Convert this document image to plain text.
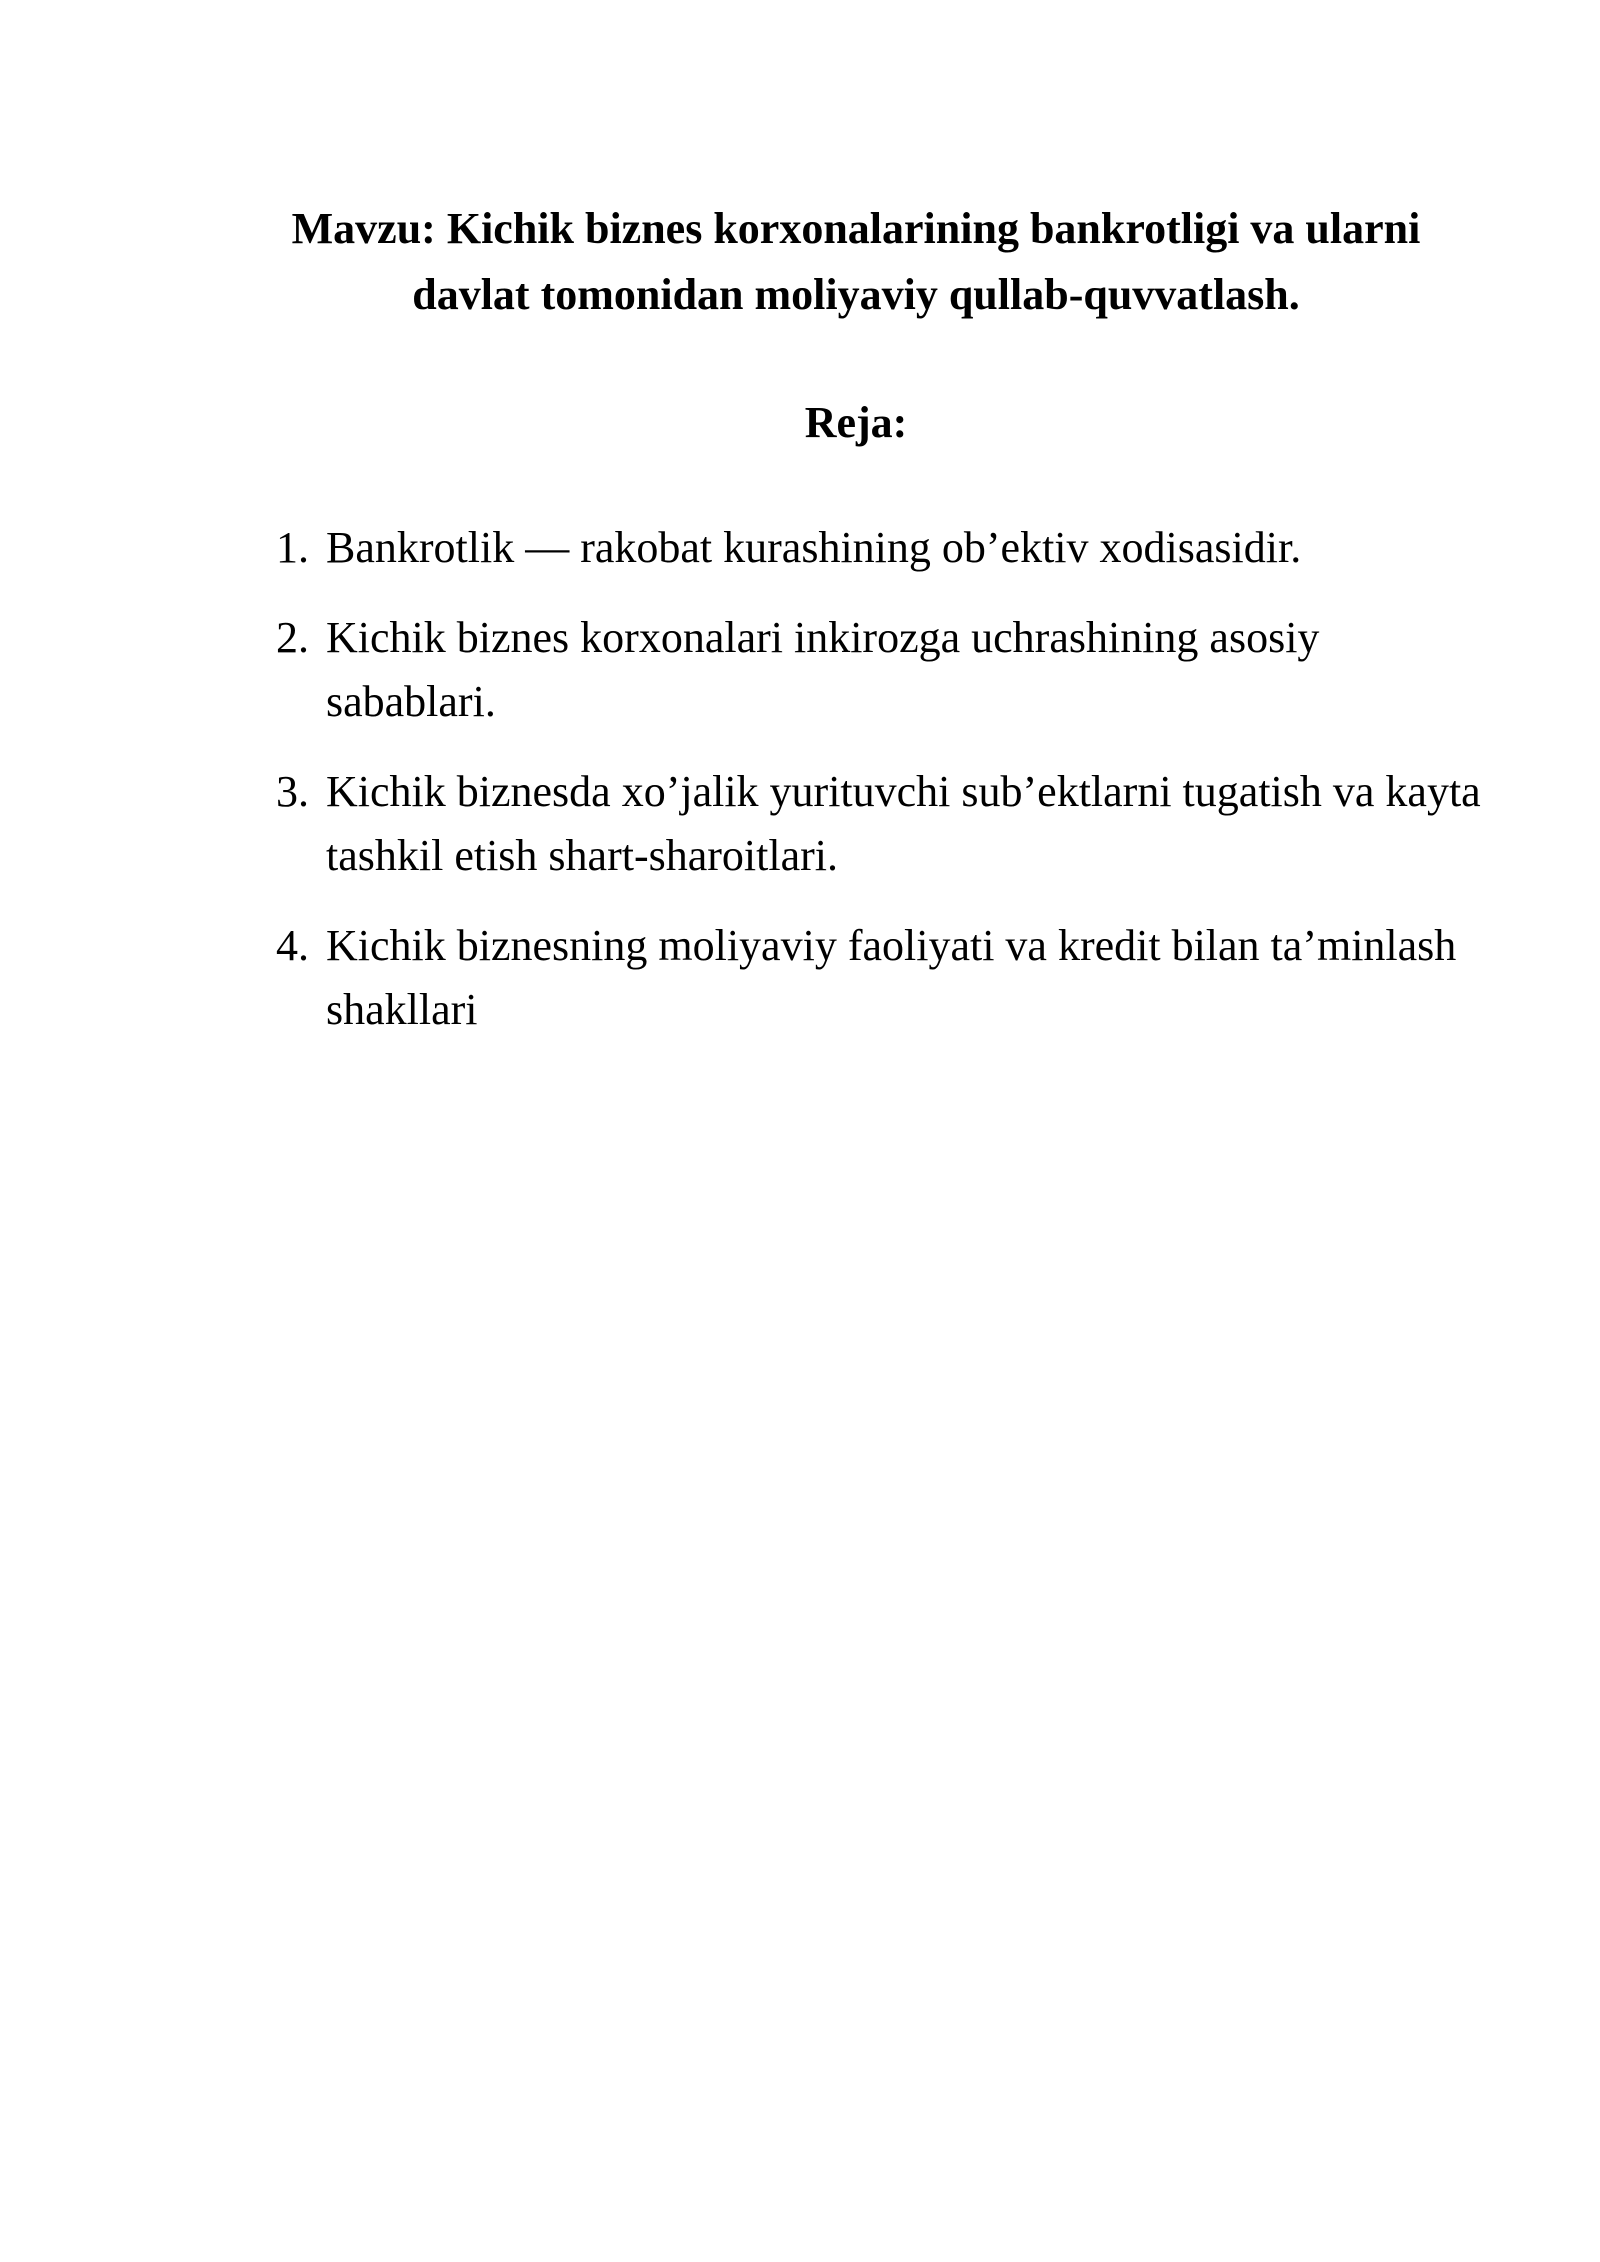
Mavzu: Kichik biznes korxonalarining bankrotligi va ularni davlat tomonidan moliyaviy qullab-quvvatlash.
Reja:
1. Bankrotlik — rakobat kurashining ob’ektiv xodisasidir.
2. Kichik biznes korxonalari inkirozga uchrashining asosiy sabablari.
3. Kichik biznesda xo’jalik yurituvchi sub’ektlarni tugatish va kayta tashkil etish shart-sharoitlari.
4. Kichik biznesning moliyaviy faoliyati va kredit bilan ta’minlash shakllari
